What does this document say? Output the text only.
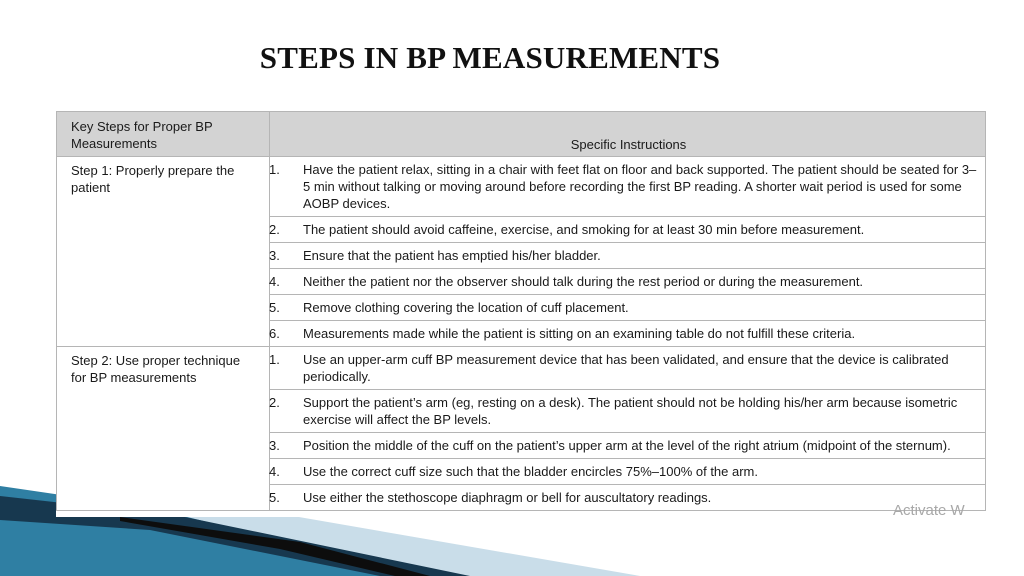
STEPS IN BP MEASUREMENTS
Key Steps for Proper BP Measurements	Specific Instructions
Step 1: Properly prepare the patient	1. Have the patient relax, sitting in a chair with feet flat on floor and back supported. The patient should be seated for 3–5 min without talking or moving around before recording the first BP reading. A shorter wait period is used for some AOBP devices.

	2. The patient should avoid caffeine, exercise, and smoking for at least 30 min before measurement.

	3. Ensure that the patient has emptied his/her bladder.

	4. Neither the patient nor the observer should talk during the rest period or during the measurement.

	5. Remove clothing covering the location of cuff placement.

	6. Measurements made while the patient is sitting on an examining table do not fulfill these criteria.

Step 2: Use proper technique for BP measurements	1. Use an upper-arm cuff BP measurement device that has been validated, and ensure that the device is calibrated periodically.

	2. Support the patient’s arm (eg, resting on a desk). The patient should not be holding his/her arm because isometric exercise will affect the BP levels.

	3. Position the middle of the cuff on the patient’s upper arm at the level of the right atrium (midpoint of the sternum).

	4. Use the correct cuff size such that the bladder encircles 75%–100% of the arm.

	5. Use either the stethoscope diaphragm or bell for auscultatory readings.
Activate W
